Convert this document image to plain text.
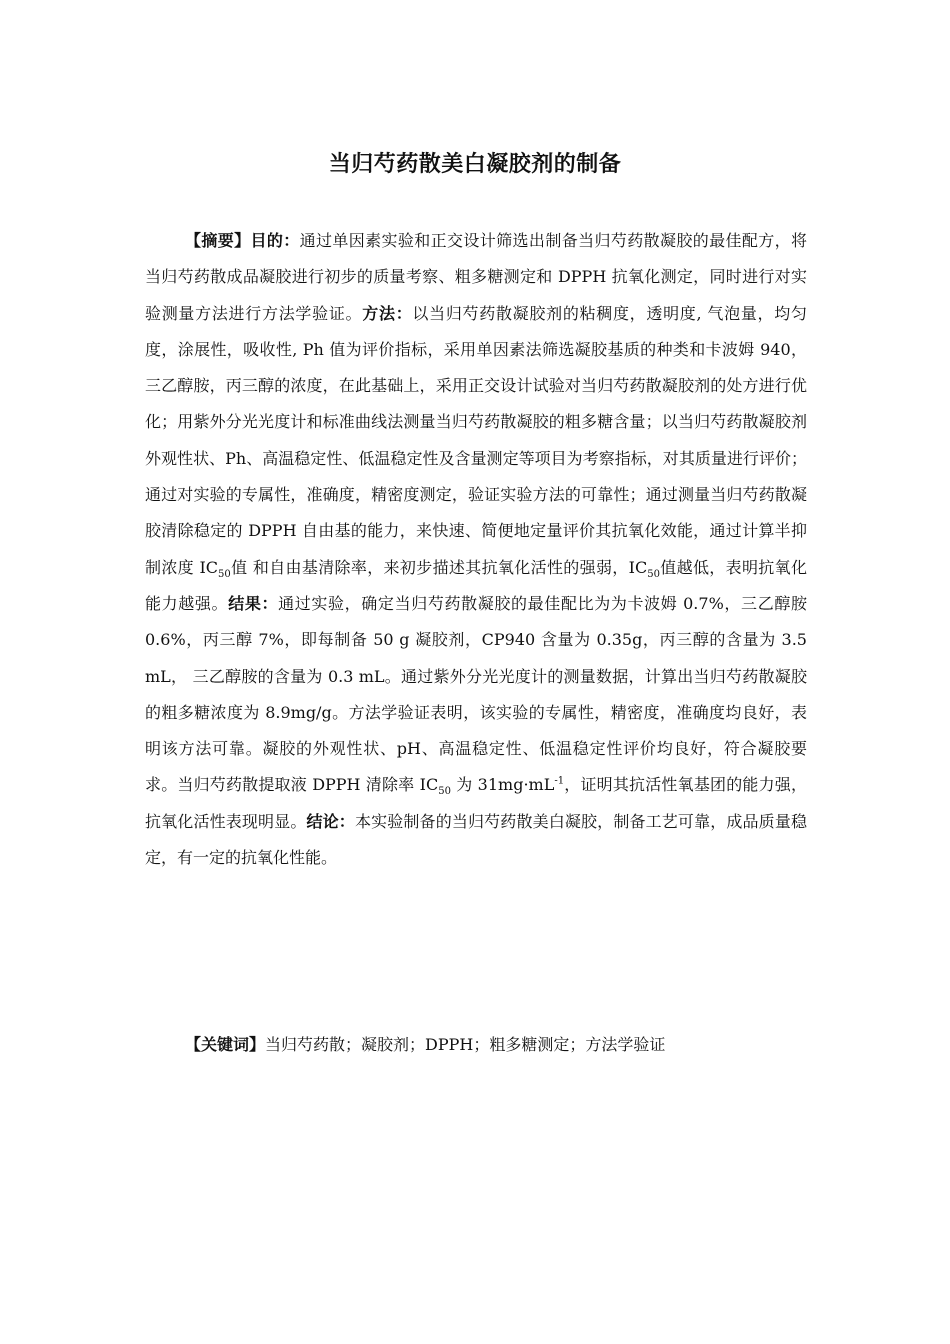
当归芍药散美白凝胶剂的制备

【摘要】目的：通过单因素实验和正交设计筛选出制备当归芍药散凝胶的最佳配方，将当归芍药散成品凝胶进行初步的质量考察、粗多糖测定和 DPPH 抗氧化测定，同时进行对实验测量方法进行方法学验证。方法：以当归芍药散凝胶剂的粘稠度，透明度, 气泡量，均匀度，涂展性，吸收性, Ph 值为评价指标，采用单因素法筛选凝胶基质的种类和卡波姆 940，三乙醇胺，丙三醇的浓度，在此基础上，采用正交设计试验对当归芍药散凝胶剂的处方进行优化；用紫外分光光度计和标准曲线法测量当归芍药散凝胶的粗多糖含量；以当归芍药散凝胶剂外观性状、Ph、高温稳定性、低温稳定性及含量测定等项目为考察指标，对其质量进行评价；通过对实验的专属性，准确度，精密度测定，验证实验方法的可靠性；通过测量当归芍药散凝胶清除稳定的 DPPH 自由基的能力，来快速、简便地定量评价其抗氧化效能，通过计算半抑制浓度 $IC_{50}$值 和自由基清除率，来初步描述其抗氧化活性的强弱，$IC_{50}$值越低，表明抗氧化能力越强。结果：通过实验，确定当归芍药散凝胶的最佳配比为为卡波姆 0.7%，三乙醇胺 0.6%，丙三醇 7%，即每制备 50 g 凝胶剂，CP940 含量为 0.35g，丙三醇的含量为 3.5 mL， 三乙醇胺的含量为 0.3 mL。通过紫外分光光度计的测量数据，计算出当归芍药散凝胶的粗多糖浓度为 8.9mg/g。方法学验证表明，该实验的专属性，精密度，准确度均良好，表明该方法可靠。凝胶的外观性状、pH、高温稳定性、低温稳定性评价均良好，符合凝胶要求。当归芍药散提取液 DPPH 清除率 $IC_{50}$ 为 $31mg\cdot mL^{-1}$，证明其抗活性氧基团的能力强，抗氧化活性表现明显。结论：本实验制备的当归芍药散美白凝胶，制备工艺可靠，成品质量稳定，有一定的抗氧化性能。

【关键词】当归芍药散；凝胶剂；DPPH；粗多糖测定；方法学验证
